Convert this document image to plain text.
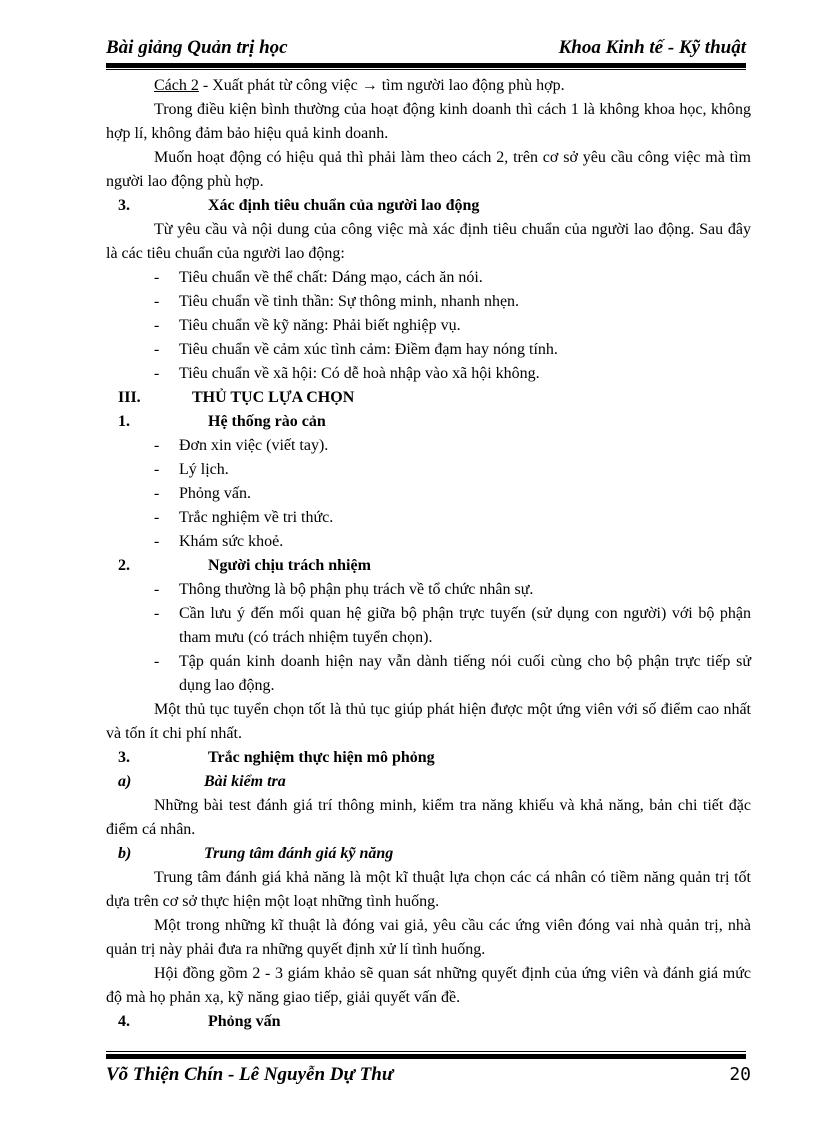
Bài giảng Quản trị học	Khoa Kinh tế - Kỹ thuật

Cách 2 - Xuất phát từ công việc → tìm người lao động phù hợp.

Trong điều kiện bình thường của hoạt động kinh doanh thì cách 1 là không khoa học, không hợp lí, không đảm bảo hiệu quả kinh doanh.

Muốn hoạt động có hiệu quả thì phải làm theo cách 2, trên cơ sở yêu cầu công việc mà tìm người lao động phù hợp.

3.	Xác định tiêu chuẩn của người lao động

Từ yêu cầu và nội dung của công việc mà xác định tiêu chuẩn của người lao động. Sau đây là các tiêu chuẩn của người lao động:

- Tiêu chuẩn về thể chất: Dáng mạo, cách ăn nói.
- Tiêu chuẩn về tinh thần: Sự thông minh, nhanh nhẹn.
- Tiêu chuẩn về kỹ năng: Phải biết nghiệp vụ.
- Tiêu chuẩn về cảm xúc tình cảm: Điềm đạm hay nóng tính.
- Tiêu chuẩn về xã hội: Có dễ hoà nhập vào xã hội không.
III.	THỦ TỤC LỰA CHỌN
1.	Hệ thống rào cản
- Đơn xin việc (viết tay).
- Lý lịch.
- Phỏng vấn.
- Trắc nghiệm về tri thức.
- Khám sức khoẻ.
2.	Người chịu trách nhiệm
- Thông thường là bộ phận phụ trách về tổ chức nhân sự.
- Cần lưu ý đến mối quan hệ giữa bộ phận trực tuyến (sử dụng con người) với bộ phận tham mưu (có trách nhiệm tuyển chọn).
- Tập quán kinh doanh hiện nay vẫn dành tiếng nói cuối cùng cho bộ phận trực tiếp sử dụng lao động.

Một thủ tục tuyển chọn tốt là thủ tục giúp phát hiện được một ứng viên với số điểm cao nhất và tốn ít chi phí nhất.

3.	Trắc nghiệm thực hiện mô phỏng
a)	Bài kiểm tra

Những bài test đánh giá trí thông minh, kiểm tra năng khiếu và khả năng, bản chi tiết đặc điểm cá nhân.

b)	Trung tâm đánh giá kỹ năng

Trung tâm đánh giá khả năng là một kĩ thuật lựa chọn các cá nhân có tiềm năng quản trị tốt dựa trên cơ sở thực hiện một loạt những tình huống.

Một trong những kĩ thuật là đóng vai giả, yêu cầu các ứng viên đóng vai nhà quản trị, nhà quản trị này phải đưa ra những quyết định xử lí tình huống.

Hội đồng gồm 2 - 3 giám khảo sẽ quan sát những quyết định của ứng viên và đánh giá mức độ mà họ phản xạ, kỹ năng giao tiếp, giải quyết vấn đề.

4.	Phỏng vấn
Võ Thiện Chín - Lê Nguyễn Dự Thư	20
